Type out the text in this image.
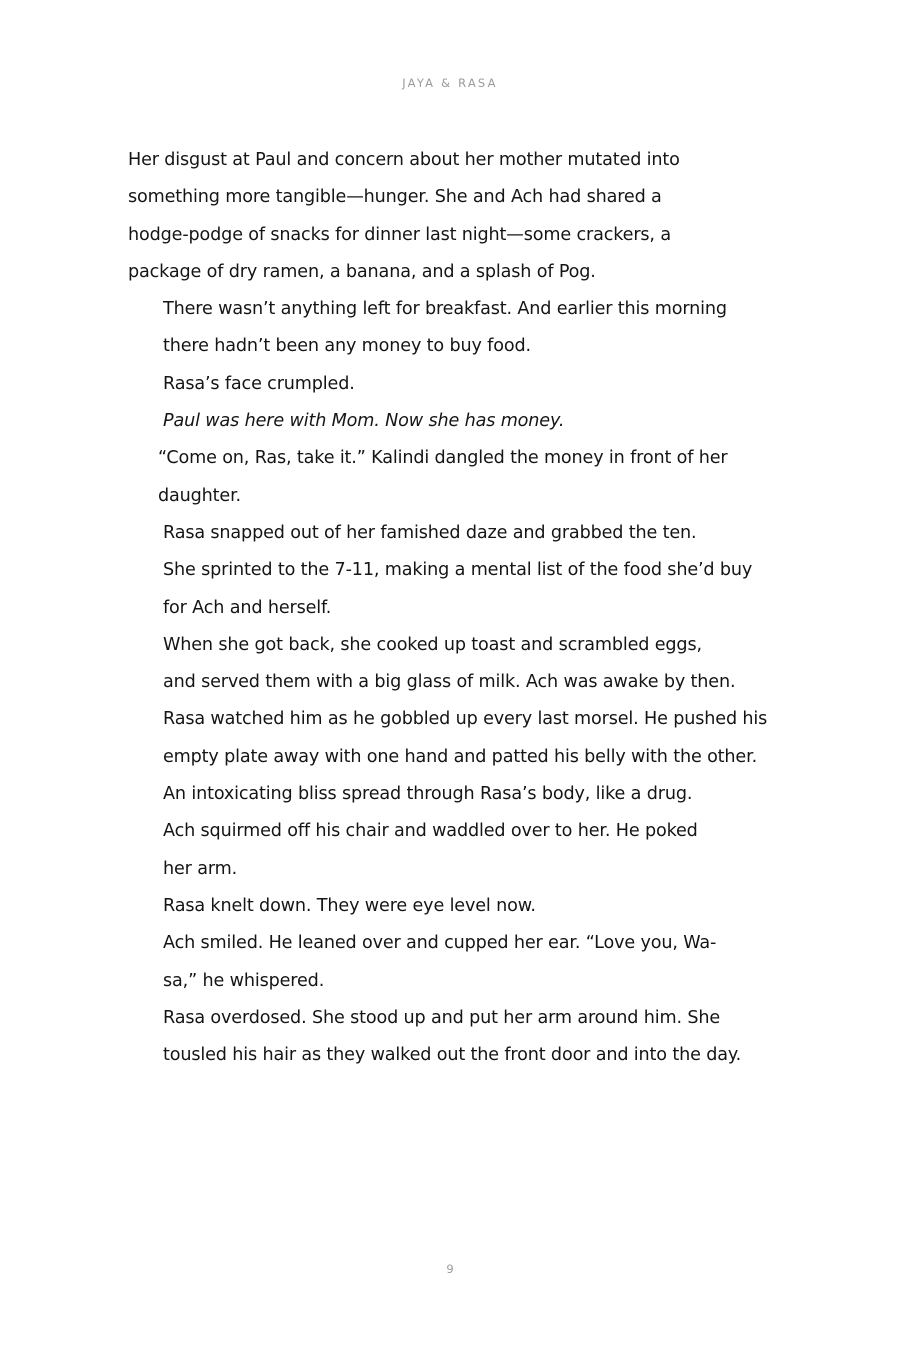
JAYA & RASA

Her disgust at Paul and concern about her mother mutated into
something more tangible—hunger. She and Ach had shared a
hodge-podge of snacks for dinner last night—some crackers, a
package of dry ramen, a banana, and a splash of Pog.

There wasn’t anything left for breakfast. And earlier this morning
there hadn’t been any money to buy food.

Rasa’s face crumpled.

Paul was here with Mom. Now she has money.

“Come on, Ras, take it.” Kalindi dangled the money in front of her
daughter.

Rasa snapped out of her famished daze and grabbed the ten.
She sprinted to the 7-11, making a mental list of the food she’d buy
for Ach and herself.

When she got back, she cooked up toast and scrambled eggs,
and served them with a big glass of milk. Ach was awake by then.
Rasa watched him as he gobbled up every last morsel. He pushed his
empty plate away with one hand and patted his belly with the other.

An intoxicating bliss spread through Rasa’s body, like a drug.

Ach squirmed off his chair and waddled over to her. He poked
her arm.

Rasa knelt down. They were eye level now.

Ach smiled. He leaned over and cupped her ear. “Love you, Wa-
sa,” he whispered.

Rasa overdosed. She stood up and put her arm around him. She
tousled his hair as they walked out the front door and into the day.

9
